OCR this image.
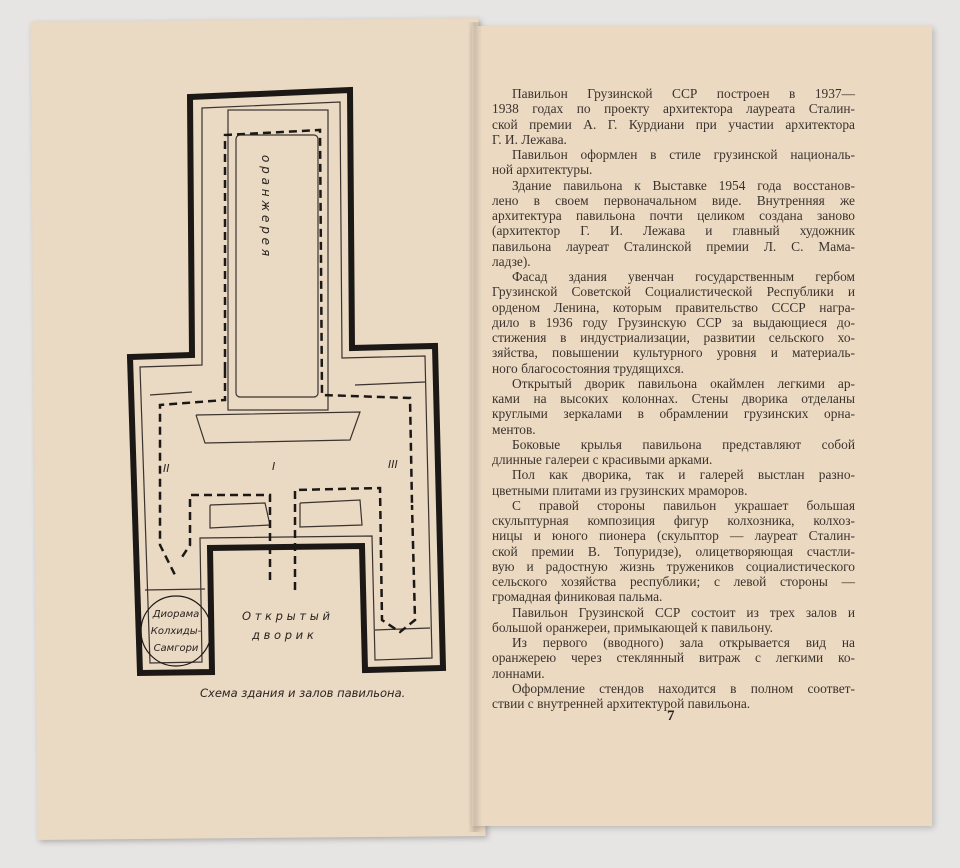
о р а н ж е р е я
I
II	III
Диорама
Колхиды-
Самгори
О т к р ы т ы й
д в о р и к
Схема здания и залов павильона.
Павильон Грузинской ССР построен в 1937—
1938 годах по проекту архитектора лауреата Сталин-
ской премии А. Г. Курдиани при участии архитектора
Г. И. Лежава.
Павильон оформлен в стиле грузинской националь-
ной архитектуры.
Здание павильона к Выставке 1954 года восстанов-
лено в своем первоначальном виде. Внутренняя же
архитектура павильона почти целиком создана заново
(архитектор Г. И. Лежава и главный художник
павильона лауреат Сталинской премии Л. С. Мама-
ладзе).
Фасад здания увенчан государственным гербом
Грузинской Советской Социалистической Республики и
орденом Ленина, которым правительство СССР награ-
дило в 1936 году Грузинскую ССР за выдающиеся до-
стижения в индустриализации, развитии сельского хо-
зяйства, повышении культурного уровня и материаль-
ного благосостояния трудящихся.
Открытый дворик павильона окаймлен легкими ар-
ками на высоких колоннах. Стены дворика отделаны
круглыми зеркалами в обрамлении грузинских орна-
ментов.
Боковые крылья павильона представляют собой
длинные галереи с красивыми арками.
Пол как дворика, так и галерей выстлан разно-
цветными плитами из грузинских мраморов.
С правой стороны павильон украшает большая
скульптурная композиция фигур колхозника, колхоз-
ницы и юного пионера (скульптор — лауреат Сталин-
ской премии В. Топуридзе), олицетворяющая счастли-
вую и радостную жизнь тружеников социалистического
сельского хозяйства республики; с левой стороны —
громадная финиковая пальма.
Павильон Грузинской ССР состоит из трех залов и
большой оранжереи, примыкающей к павильону.
Из первого (вводного) зала открывается вид на
оранжерею через стеклянный витраж с легкими ко-
лоннами.
Оформление стендов находится в полном соответ-
ствии с внутренней архитектурой павильона.
7
